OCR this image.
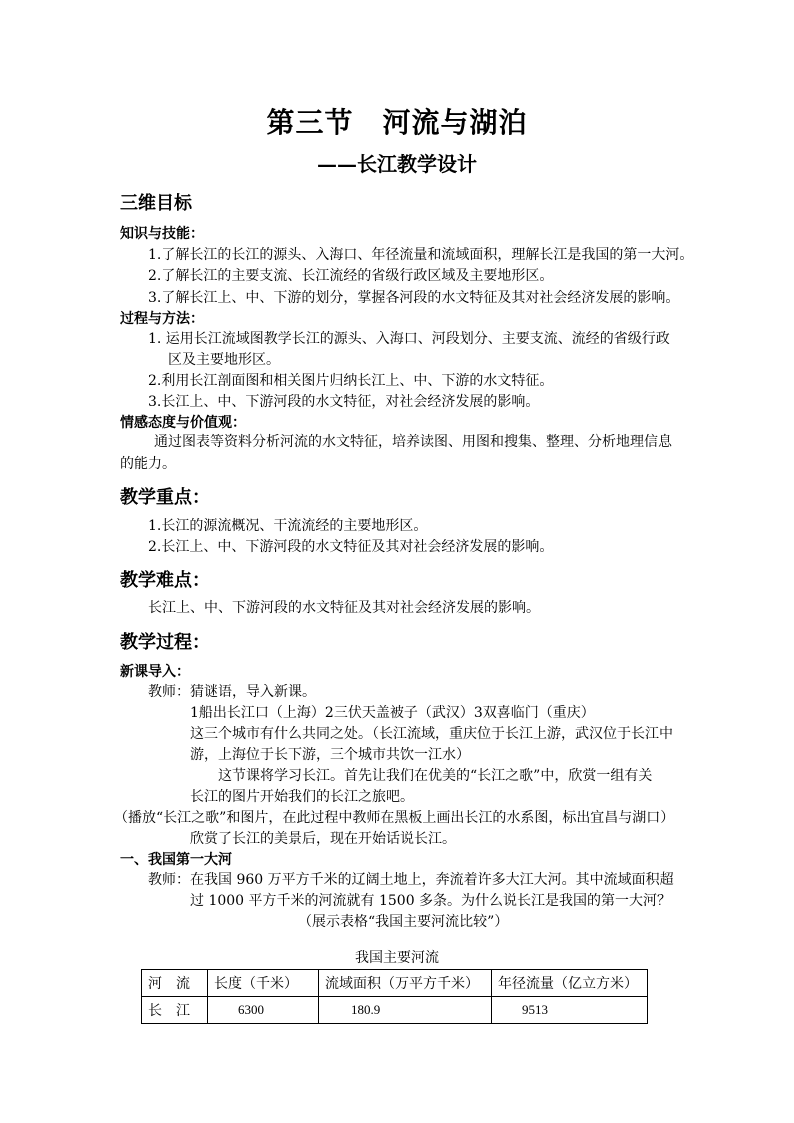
第三节　河流与湖泊
——长江教学设计
三维目标
知识与技能：
1.了解长江的长江的源头、入海口、年径流量和流域面积，理解长江是我国的第一大河。
2.了解长江的主要支流、长江流经的省级行政区域及主要地形区。
3.了解长江上、中、下游的划分，掌握各河段的水文特征及其对社会经济发展的影响。
过程与方法：
1. 运用长江流域图教学长江的源头、入海口、河段划分、主要支流、流经的省级行政
区及主要地形区。
2.利用长江剖面图和相关图片归纳长江上、中、下游的水文特征。
3.长江上、中、下游河段的水文特征，对社会经济发展的影响。
情感态度与价值观：
通过图表等资料分析河流的水文特征，培养读图、用图和搜集、整理、分析地理信息
的能力。
教学重点：
1.长江的源流概况、干流流经的主要地形区。
2.长江上、中、下游河段的水文特征及其对社会经济发展的影响。
教学难点：
长江上、中、下游河段的水文特征及其对社会经济发展的影响。
教学过程：
新课导入：
教师：猜谜语，导入新课。
1船出长江口（上海）2三伏天盖被子（武汉）3双喜临门（重庆）
这三个城市有什么共同之处。（长江流域，重庆位于长江上游，武汉位于长江中
游，上海位于长下游，三个城市共饮一江水）
这节课将学习长江。首先让我们在优美的“长江之歌”中，欣赏一组有关
长江的图片开始我们的长江之旅吧。
（播放“长江之歌”和图片，在此过程中教师在黑板上画出长江的水系图，标出宜昌与湖口）
欣赏了长江的美景后，现在开始话说长江。
一、我国第一大河
教师：在我国 960 万平方千米的辽阔土地上，奔流着许多大江大河。其中流域面积超
过 1000 平方千米的河流就有 1500 多条。为什么说长江是我国的第一大河？
（展示表格“我国主要河流比较”）
我国主要河流
河　流	长度（千米）	流域面积（万平方千米）	年径流量（亿立方米）
长　江	6300	180.9	9513
